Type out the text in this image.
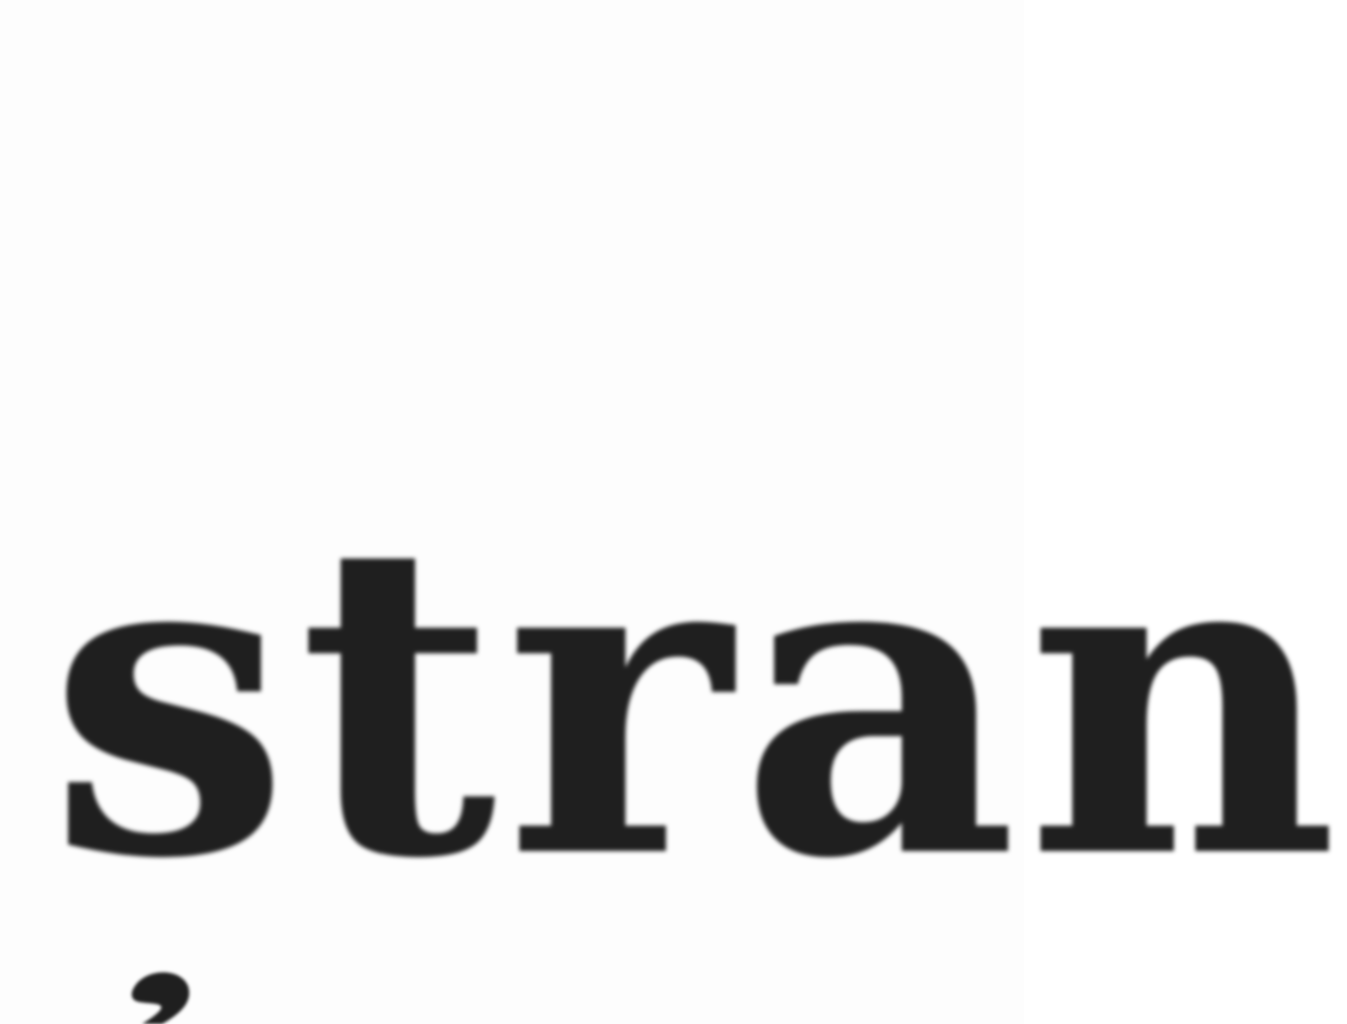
stran
